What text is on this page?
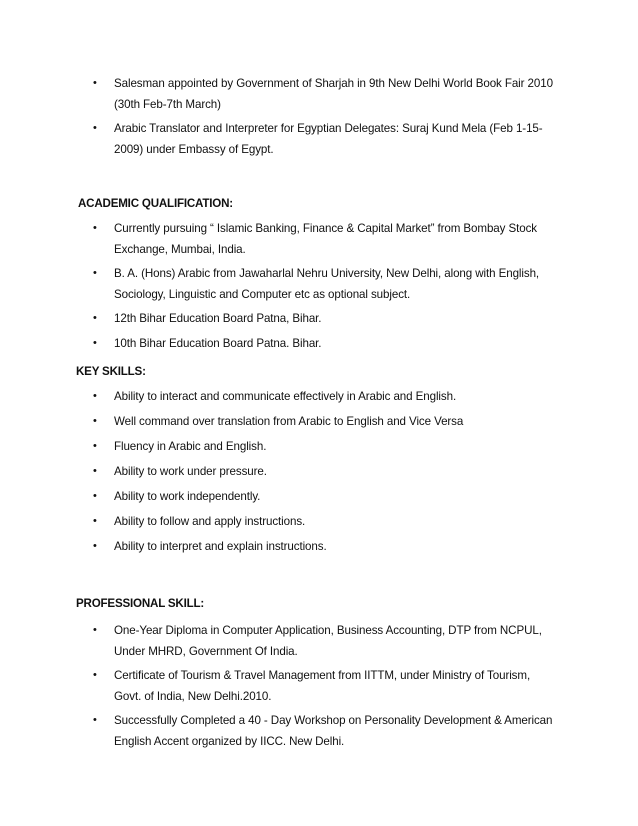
• Salesman appointed by Government of Sharjah in 9th New Delhi World Book Fair 2010 (30th Feb-7th March)
• Arabic Translator and Interpreter for Egyptian Delegates: Suraj Kund Mela (Feb 1-15-2009) under Embassy of Egypt.
ACADEMIC QUALIFICATION:
• Currently pursuing “ Islamic Banking, Finance & Capital Market” from Bombay Stock Exchange, Mumbai, India.
• B. A. (Hons) Arabic from Jawaharlal Nehru University, New Delhi, along with English, Sociology, Linguistic and Computer etc as optional subject.
• 12th Bihar Education Board Patna, Bihar.
• 10th Bihar Education Board Patna. Bihar.
KEY SKILLS:
• Ability to interact and communicate effectively in Arabic and English.
• Well command over translation from Arabic to English and Vice Versa
• Fluency in Arabic and English.
• Ability to work under pressure.
• Ability to work independently.
• Ability to follow and apply instructions.
• Ability to interpret and explain instructions.
PROFESSIONAL SKILL:
• One-Year Diploma in Computer Application, Business Accounting, DTP from NCPUL, Under MHRD, Government Of India.
• Certificate of Tourism & Travel Management from IITTM, under Ministry of Tourism, Govt. of India, New Delhi.2010.
• Successfully Completed a 40 - Day Workshop on Personality Development & American English Accent organized by IICC. New Delhi.
